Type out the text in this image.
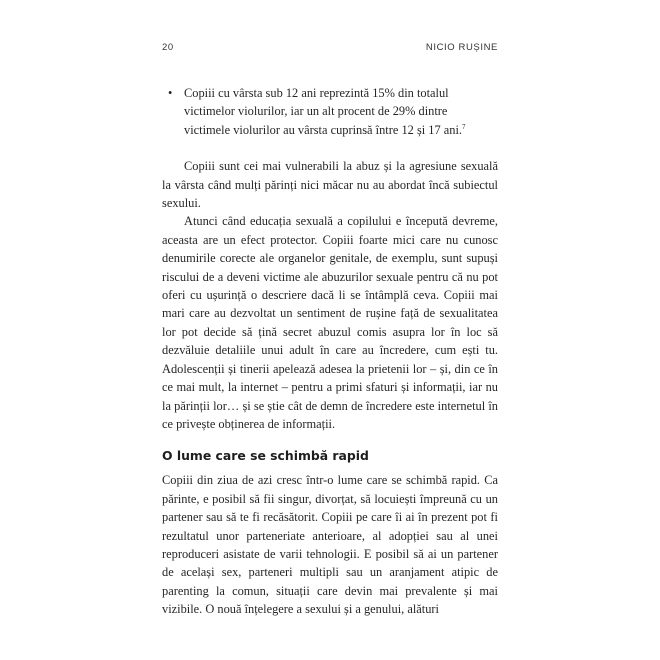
20	NICIO RUȘINE
• Copiii cu vârsta sub 12 ani reprezintă 15% din totalul victimelor violurilor, iar un alt procent de 29% dintre victimele violurilor au vârsta cuprinsă între 12 și 17 ani.$^7$

Copiii sunt cei mai vulnerabili la abuz și la agresiune sexuală la vârsta când mulți părinți nici măcar nu au abordat încă subiectul sexului.

Atunci când educația sexuală a copilului e începută devreme, aceasta are un efect protector. Copiii foarte mici care nu cunosc denumirile corecte ale organelor genitale, de exemplu, sunt supuși riscului de a deveni victime ale abuzurilor sexuale pentru că nu pot oferi cu ușurință o descriere dacă li se întâmplă ceva. Copiii mai mari care au dezvoltat un sentiment de rușine față de sexualitatea lor pot decide să țină secret abuzul comis asupra lor în loc să dezvăluie detaliile unui adult în care au încredere, cum ești tu. Adolescenții și tinerii apelează adesea la prietenii lor – și, din ce în ce mai mult, la internet – pentru a primi sfaturi și informații, iar nu la părinții lor… și se știe cât de demn de încredere este internetul în ce privește obținerea de informații.

O lume care se schimbă rapid

Copiii din ziua de azi cresc într-o lume care se schimbă rapid. Ca părinte, e posibil să fii singur, divorțat, să locuiești împreună cu un partener sau să te fi recăsătorit. Copiii pe care îi ai în prezent pot fi rezultatul unor parteneriate anterioare, al adopției sau al unei reproduceri asistate de varii tehnologii. E posibil să ai un partener de același sex, parteneri multipli sau un aranjament atipic de parenting la comun, situații care devin mai prevalente și mai vizibile. O nouă înțelegere a sexului și a genului, alături
